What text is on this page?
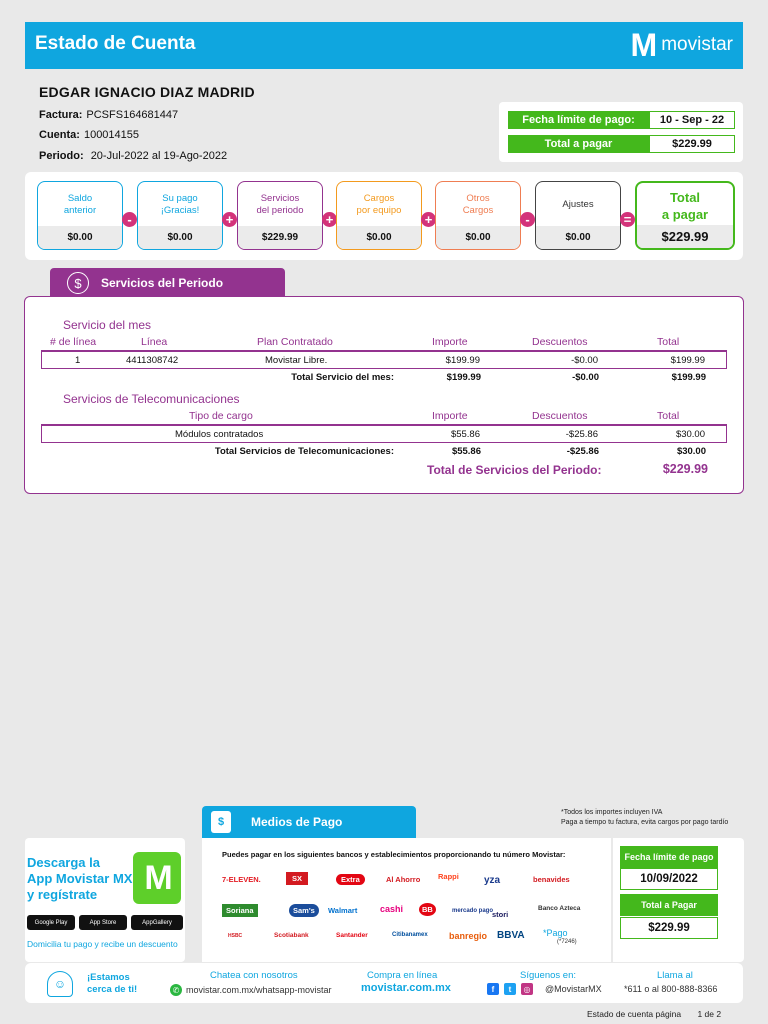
Estado de Cuenta	M movistar
EDGAR IGNACIO DIAZ MADRID
Factura: PCSFS164681447
Cuenta: 100014155
Periodo: 20-Jul-2022 al 19-Ago-2022
Fecha límite de pago:	10 - Sep - 22
Total a pagar	$229.99
Saldo
anterior
$0.00
-
Su pago
¡Gracias!
$0.00
+
Servicios
del periodo
$229.99
+
Cargos
por equipo
$0.00
+
Otros
Cargos
$0.00
-
Ajustes
$0.00
=
Total
a pagar
$229.99
$	Servicios del Periodo
Servicio del mes
# de línea	Línea	Plan Contratado	Importe	Descuentos	Total
1	4411308742	Movistar Libre.	$199.99	-$0.00	$199.99
Total Servicio del mes:	$199.99	-$0.00	$199.99
Servicios de Telecomunicaciones
Tipo de cargo	Importe	Descuentos	Total
Módulos contratados	$55.86	-$25.86	$30.00
Total Servicios de Telecomunicaciones:	$55.86	-$25.86	$30.00
Total de Servicios del Periodo:	$229.99
*Todos los importes incluyen IVA
Paga a tiempo tu factura, evita cargos por pago tardío
$	Medios de Pago
Descarga la
App Movistar MX
y regístrate	M
Google Play	App Store	AppGallery
Domicilia tu pago y recibe un descuento
Puedes pagar en los siguientes bancos y establecimientos proporcionando tu número Movistar:
7-ELEVEN.	SX	Extra	Al Ahorro Rappi	yza	benavides
Soriana	Sam's	Walmart	cashi	BB	mercado pago
stori
Banco Azteca
HSBC	Scotiabank	Santander	Citibanamex banregio BBVA *Pago
(*7246)
Fecha límite de pago
10/09/2022
Total a Pagar
$229.99
☺	¡Estamos
cerca de ti!
Chatea con nosotros
✆ movistar.com.mx/whatsapp-movistar
Compra en línea
movistar.com.mx
Síguenos en:
f	t	◎ @MovistarMX
Llama al
*611 o al 800-888-8366
Estado de cuenta página 1 de 2
